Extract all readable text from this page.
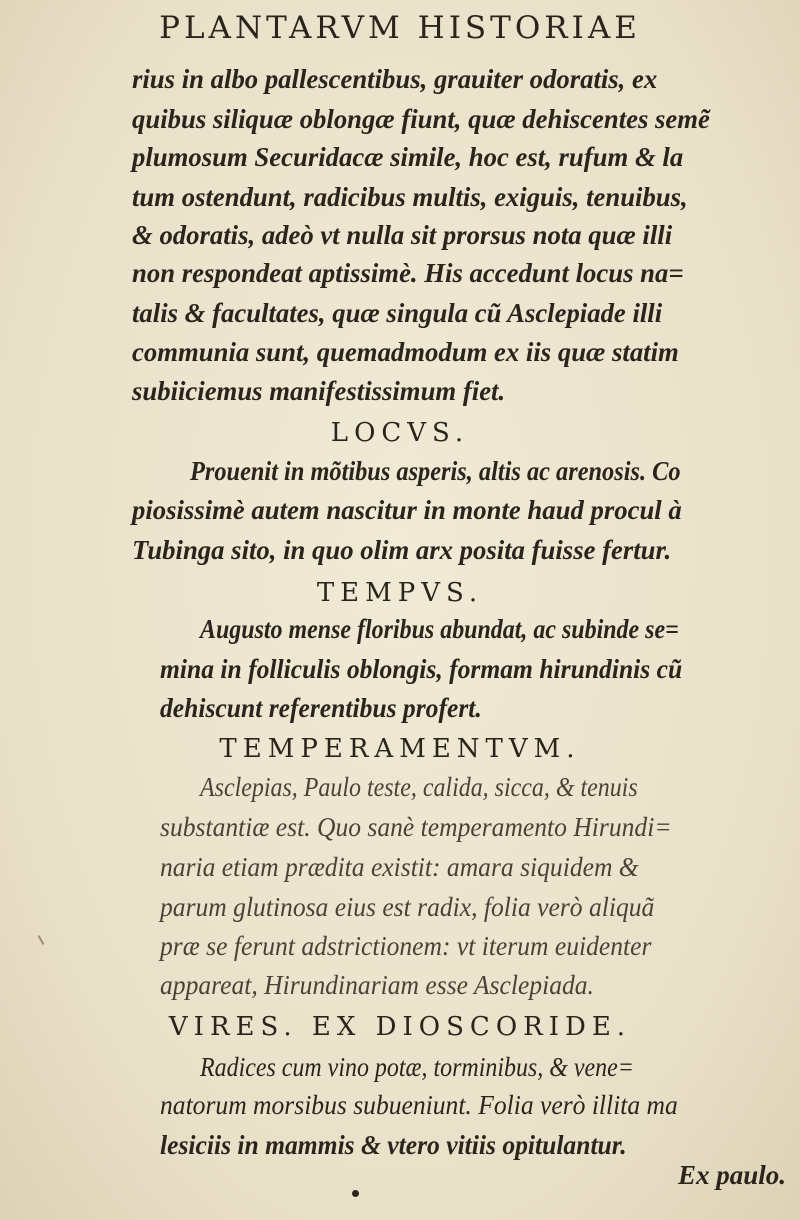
PLANTARVM HISTORIAE
rius in albo pallescentibus, grauiter odoratis, ex
quibus siliquæ oblongæ fiunt, quæ dehiscentes semẽ
plumosum Securidacæ simile, hoc est, rufum & la
tum ostendunt, radicibus multis, exiguis, tenuibus,
& odoratis, adeò vt nulla sit prorsus nota quæ illi
non respondeat aptissimè. His accedunt locus na=
talis & facultates, quæ singula cũ Asclepiade illi
communia sunt, quemadmodum ex iis quæ statim
subiiciemus manifestissimum fiet.
LOCVS.
Prouenit in mõtibus asperis, altis ac arenosis. Co
piosissimè autem nascitur in monte haud procul à
Tubinga sito, in quo olim arx posita fuisse fertur.
TEMPVS.
Augusto mense floribus abundat, ac subinde se=
mina in folliculis oblongis, formam hirundinis cũ
dehiscunt referentibus profert.
TEMPERAMENTVM.
Asclepias, Paulo teste, calida, sicca, & tenuis
substantiæ est. Quo sanè temperamento Hirundi=
naria etiam prædita existit: amara siquidem &
parum glutinosa eius est radix, folia verò aliquã
præ se ferunt adstrictionem: vt iterum euidenter
appareat, Hirundinariam esse Asclepiada.
VIRES. EX DIOSCORIDE.
Radices cum vino potæ, torminibus, & vene=
natorum morsibus subueniunt. Folia verò illita ma
lesiciis in mammis & vtero vitiis opitulantur.
Ex paulo.
